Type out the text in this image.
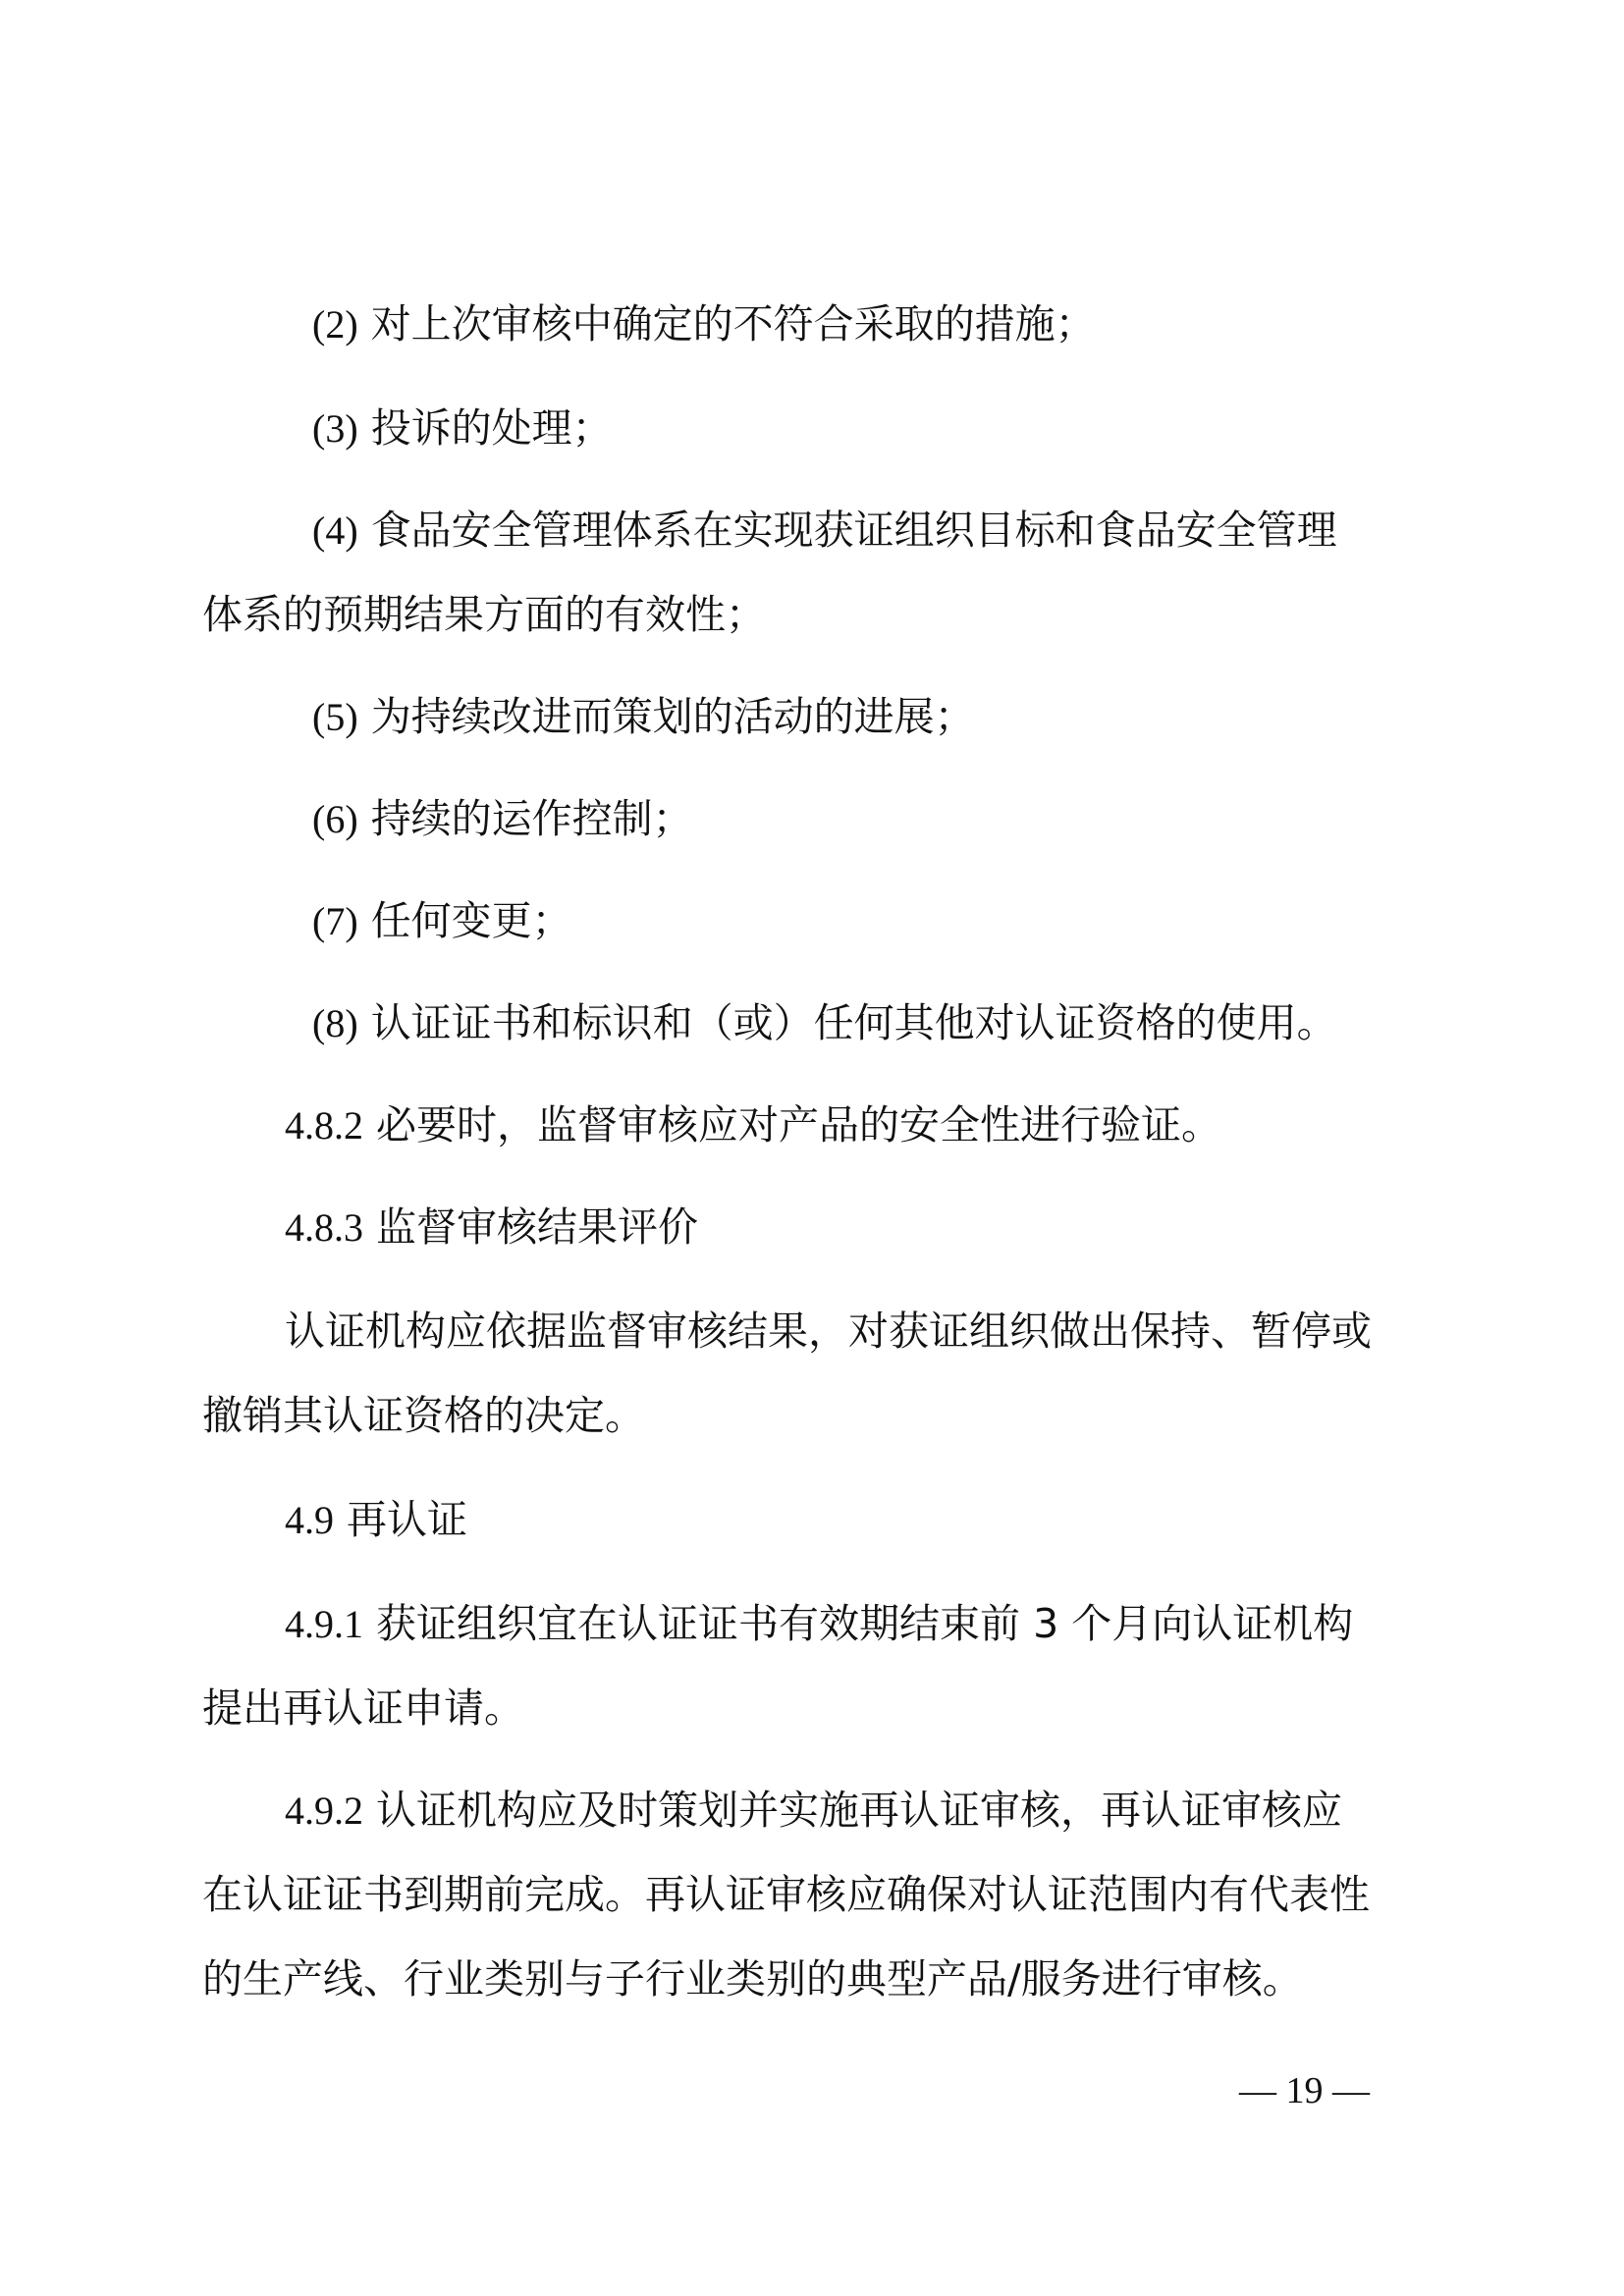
(2) 对上次审核中确定的不符合采取的措施；
(3) 投诉的处理；
(4) 食品安全管理体系在实现获证组织目标和食品安全管理
体系的预期结果方面的有效性；
(5) 为持续改进而策划的活动的进展；
(6) 持续的运作控制；
(7) 任何变更；
(8) 认证证书和标识和（或）任何其他对认证资格的使用。
4.8.2 必要时，监督审核应对产品的安全性进行验证。
4.8.3 监督审核结果评价
认证机构应依据监督审核结果，对获证组织做出保持、暂停或
撤销其认证资格的决定。
4.9 再认证
4.9.1 获证组织宜在认证证书有效期结束前 3 个月向认证机构
提出再认证申请。
4.9.2 认证机构应及时策划并实施再认证审核，再认证审核应
在认证证书到期前完成。再认证审核应确保对认证范围内有代表性
的生产线、行业类别与子行业类别的典型产品/服务进行审核。
— 19 —
